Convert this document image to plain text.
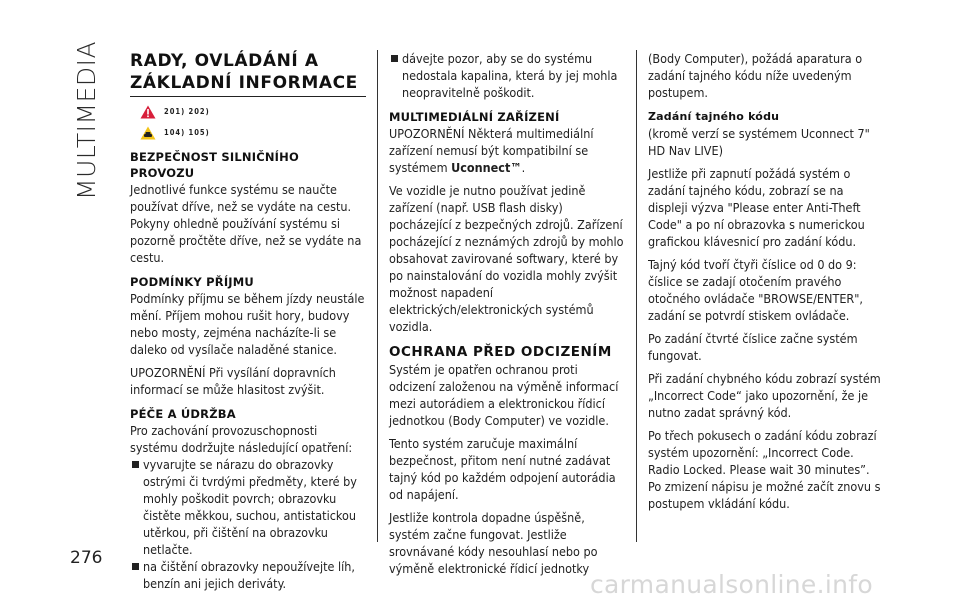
MULTIMEDIA
276
RADY, OVLÁDÁNÍ A
ZÁKLADNÍ INFORMACE
201) 202)
104) 105)
BEZPEČNOST SILNIČNÍHO PROVOZU

Jednotlivé funkce systému se naučte používat dříve, než se vydáte na cestu. Pokyny ohledně používání systému si pozorně pročtěte dříve, než se vydáte na cestu.

PODMÍNKY PŘÍJMU

Podmínky příjmu se během jízdy neustále mění. Příjem mohou rušit hory, budovy nebo mosty, zejména nacházíte-li se daleko od vysílače naladěné stanice.

UPOZORNĚNÍ Při vysílání dopravních informací se může hlasitost zvýšit.

PÉČE A ÚDRŽBA

Pro zachování provozuschopnosti systému dodržujte následující opatření:

vyvarujte se nárazu do obrazovky ostrými či tvrdými předměty, které by mohly poškodit povrch; obrazovku čistěte měkkou, suchou, antistatickou utěrkou, při čištění na obrazovku netlačte.

na čištění obrazovky nepoužívejte líh, benzín ani jejich deriváty.

dávejte pozor, aby se do systému nedostala kapalina, která by jej mohla neopravitelně poškodit.

MULTIMEDIÁLNÍ ZAŘÍZENÍ

UPOZORNĚNÍ Některá multimediální zařízení nemusí být kompatibilní se systémem Uconnect™.

Ve vozidle je nutno používat jedině zařízení (např. USB flash disky) pocházející z bezpečných zdrojů. Zařízení pocházející z neznámých zdrojů by mohlo obsahovat zavirované softwary, které by po nainstalování do vozidla mohly zvýšit možnost napadení elektrických/elektronických systémů vozidla.

OCHRANA PŘED ODCIZENÍM

Systém je opatřen ochranou proti odcizení založenou na výměně informací mezi autorádiem a elektronickou řídicí jednotkou (Body Computer) ve vozidle.

Tento systém zaručuje maximální bezpečnost, přitom není nutné zadávat tajný kód po každém odpojení autorádia od napájení.

Jestliže kontrola dopadne úspěšně, systém začne fungovat. Jestliže srovnávané kódy nesouhlasí nebo po výměně elektronické řídicí jednotky

(Body Computer), požádá aparatura o zadání tajného kódu níže uvedeným postupem.

Zadání tajného kódu

(kromě verzí se systémem Uconnect 7" HD Nav LIVE)

Jestliže při zapnutí požádá systém o zadání tajného kódu, zobrazí se na displeji výzva "Please enter Anti-Theft Code" a po ní obrazovka s numerickou grafickou klávesnicí pro zadání kódu.

Tajný kód tvoří čtyři číslice od 0 do 9: číslice se zadají otočením pravého otočného ovládače "BROWSE/ENTER", zadání se potvrdí stiskem ovládače.

Po zadání čtvrté číslice začne systém fungovat.

Při zadání chybného kódu zobrazí systém „Incorrect Code“ jako upozornění, že je nutno zadat správný kód.

Po třech pokusech o zadání kódu zobrazí systém upozornění: „Incorrect Code. Radio Locked. Please wait 30 minutes”. Po zmizení nápisu je možné začít znovu s postupem vkládání kódu.

carmanualsonline.info
